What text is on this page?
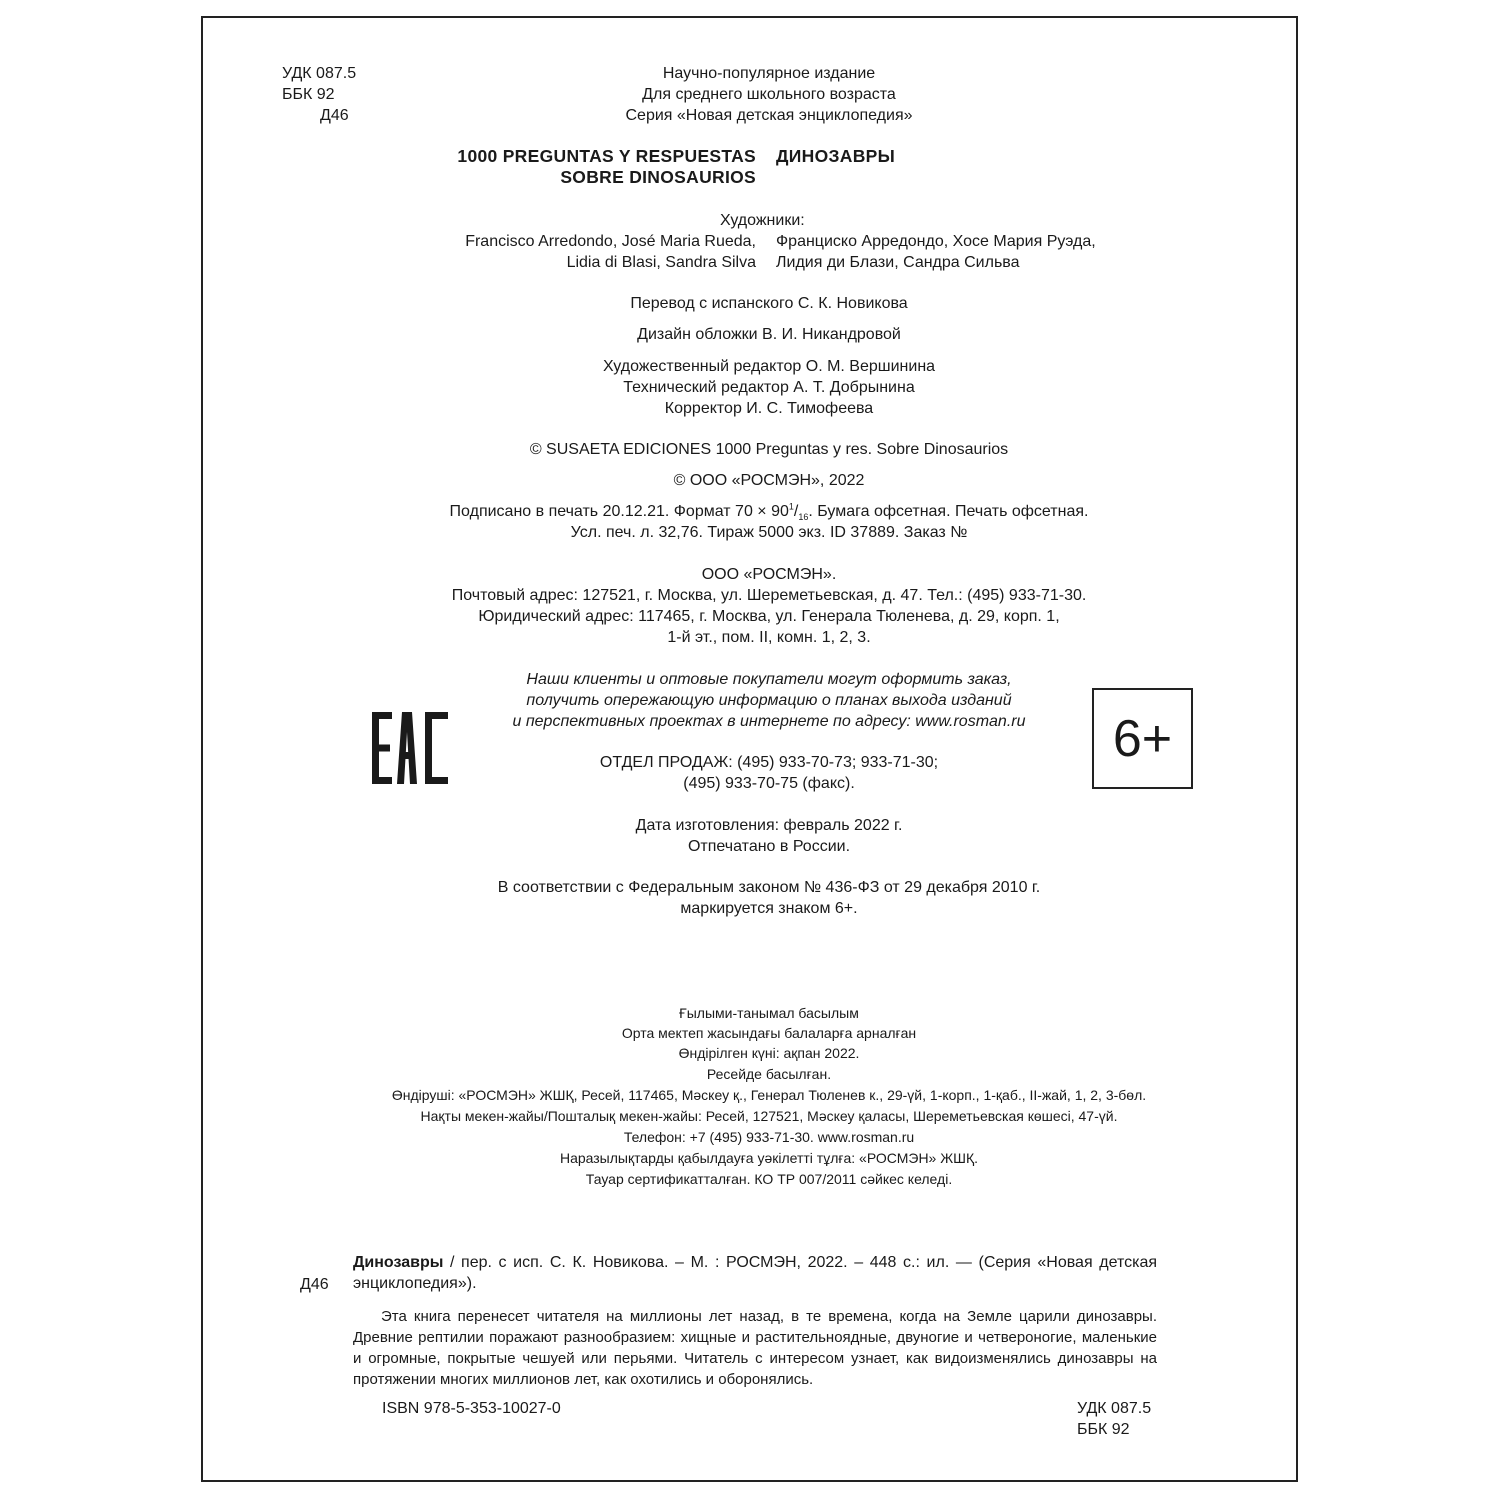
УДК 087.5
ББК 92
Д46
Научно-популярное издание
Для среднего школьного возраста
Серия «Новая детская энциклопедия»
1000 PREGUNTAS Y RESPUESTAS
SOBRE DINOSAURIOS
ДИНОЗАВРЫ
Художники:
Francisco Arredondo, José Maria Rueda,
Lidia di Blasi, Sandra Silva
Франциско Арредондо, Хосе Мария Руэда,
Лидия ди Блази, Сандра Сильва
Перевод с испанского С. К. Новикова
Дизайн обложки В. И. Никандровой
Художественный редактор О. М. Вершинина
Технический редактор А. Т. Добрынина
Корректор И. С. Тимофеева
© SUSAETA EDICIONES 1000 Preguntas y res. Sobre Dinosaurios
© ООО «РОСМЭН», 2022
Подписано в печать 20.12.21. Формат $70 \times 90^1/_{16}$. Бумага офсетная. Печать офсетная.
Усл. печ. л. 32,76. Тираж 5000 экз. ID 37889. Заказ №
ООО «РОСМЭН».
Почтовый адрес: 127521, г. Москва, ул. Шереметьевская, д. 47. Тел.: (495) 933-71-30.
Юридический адрес: 117465, г. Москва, ул. Генерала Тюленева, д. 29, корп. 1,
1-й эт., пом. II, комн. 1, 2, 3.
Наши клиенты и оптовые покупатели могут оформить заказ,
получить опережающую информацию о планах выхода изданий
и перспективных проектах в интернете по адресу: www.rosman.ru	6+
ОТДЕЛ ПРОДАЖ: (495) 933-70-73; 933-71-30;
(495) 933-70-75 (факс).
Дата изготовления: февраль 2022 г.
Отпечатано в России.
В соответствии с Федеральным законом № 436-ФЗ от 29 декабря 2010 г.
маркируется знаком 6+.
Ғылыми-танымал басылым
Орта мектеп жасындағы балаларға арналған
Өндірілген күні: ақпан 2022.
Ресейде басылған.
Өндіруші: «РОСМЭН» ЖШҚ, Ресей, 117465, Мәскеу қ., Генерал Тюленев к., 29-үй, 1-корп., 1-қаб., II-жай, 1, 2, 3-бөл.
Нақты мекен-жайы/Пошталық мекен-жайы: Ресей, 127521, Мәскеу қаласы, Шереметьевская көшесі, 47-үй.
Телефон: +7 (495) 933-71-30. www.rosman.ru
Наразылықтарды қабылдауға уәкілетті тұлға: «РОСМЭН» ЖШҚ.
Тауар сертификатталған. КО ТР 007/2011 сәйкес келеді.
Д46
Динозавры / пер. с исп. С. К. Новикова. – М. : РОСМЭН, 2022. – 448 с.: ил. — (Серия «Новая детская энциклопедия»).
Эта книга перенесет читателя на миллионы лет назад, в те времена, когда на Земле царили динозавры. Древние рептилии поражают разнообразием: хищные и растительноядные, двуногие и четвероногие, маленькие и огромные, покрытые чешуей или перьями. Читатель с интересом узнает, как видоизменялись динозавры на протяжении многих миллионов лет, как охотились и оборонялись.
ISBN 978-5-353-10027-0	УДК 087.5
ББК 92
